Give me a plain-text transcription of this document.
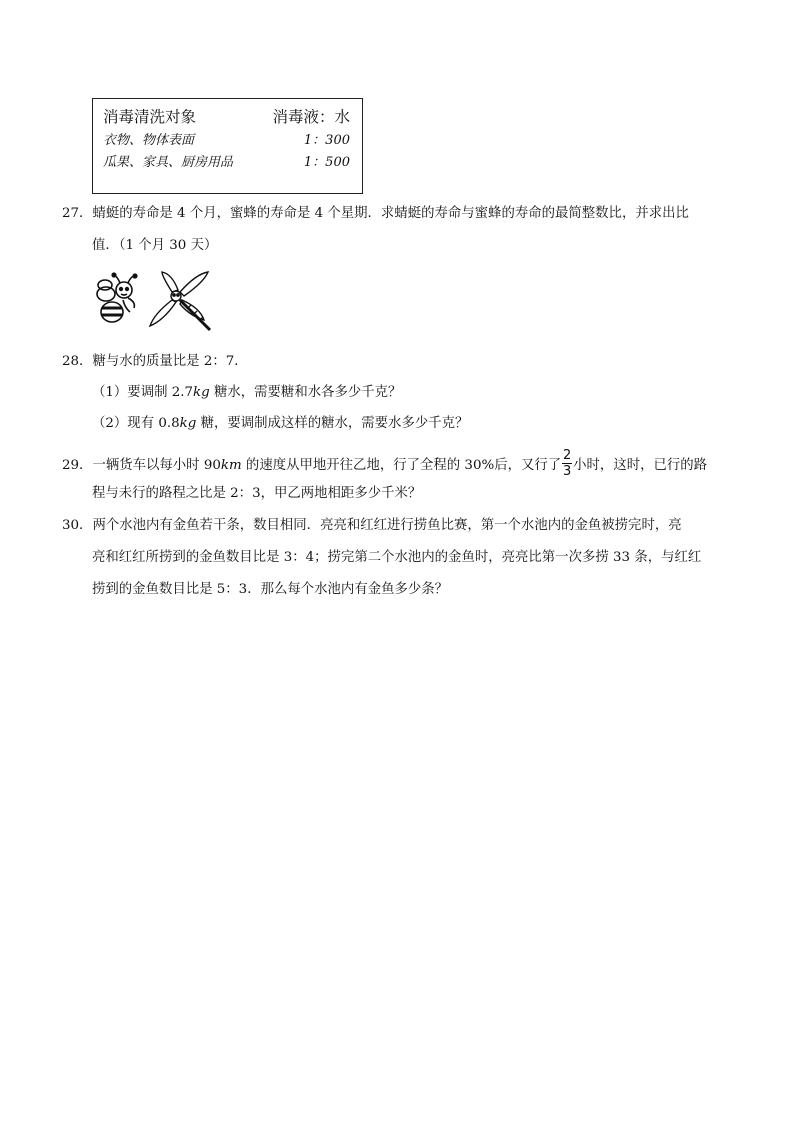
消毒清洗对象	消毒液：水
衣物、物体表面	1：300
瓜果、家具、厨房用品	1：500
27．蜻蜓的寿命是 4 个月，蜜蜂的寿命是 4 个星期．求蜻蜓的寿命与蜜蜂的寿命的最简整数比，并求出比
值．（1 个月 30 天）
28．糖与水的质量比是 2：7．
（1）要调制 2.7kg 糖水，需要糖和水各多少千克？
（2）现有 0.8kg 糖，要调制成这样的糖水，需要水多少千克？
29．一辆货车以每小时 90km 的速度从甲地开往乙地，行了全程的 30%后，又行了 $\frac{2}{3}$ 小时，这时，已行的路
程与未行的路程之比是 2：3，甲乙两地相距多少千米？
30．两个水池内有金鱼若干条，数目相同．亮亮和红红进行捞鱼比赛，第一个水池内的金鱼被捞完时，亮
亮和红红所捞到的金鱼数目比是 3：4；捞完第二个水池内的金鱼时，亮亮比第一次多捞 33 条，与红红
捞到的金鱼数目比是 5：3．那么每个水池内有金鱼多少条？
